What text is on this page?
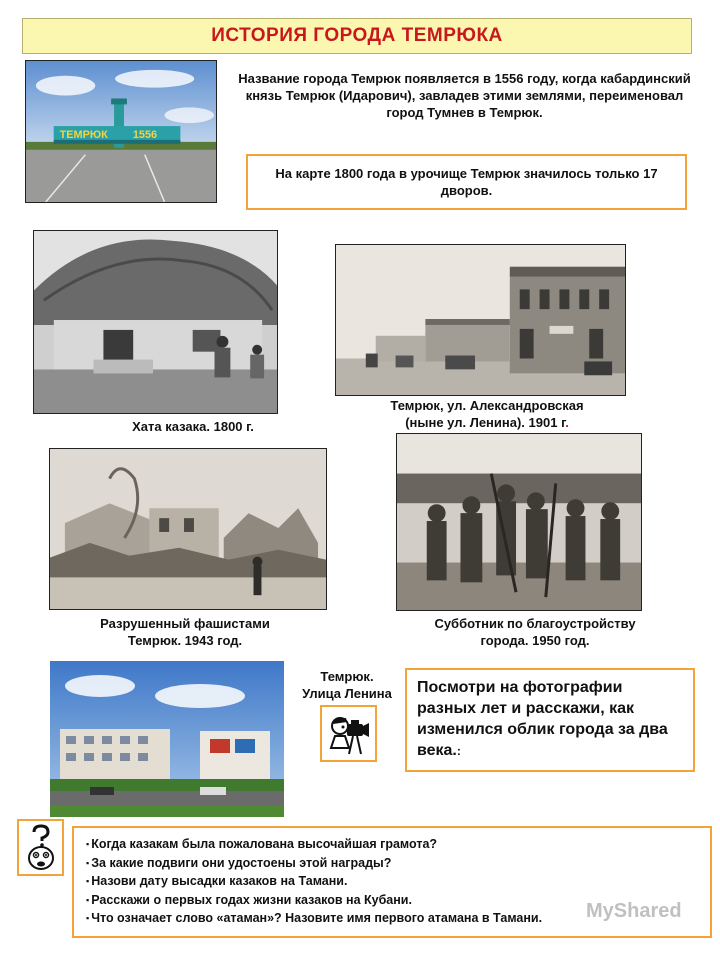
ИСТОРИЯ ГОРОДА ТЕМРЮКА
ТЕМРЮК 1556
Название города Темрюк появляется в 1556 году, когда кабардинский князь Темрюк (Идарович), завладев этими землями, переименовал город Тумнев в Темрюк.
На карте 1800 года в урочище Темрюк значилось только 17 дворов.
Хата казака. 1800 г.
Темрюк, ул. Александровская
(ныне ул. Ленина). 1901 г.
Разрушенный фашистами
Темрюк. 1943 год.
Субботник по благоустройству
города. 1950 год.
Темрюк.
Улица Ленина	Посмотри на фотографии разных лет и расскажи, как изменился облик города за два века.:
▪ Когда казакам была пожалована высочайшая грамота?
▪ За какие подвиги они удостоены этой награды?
▪ Назови дату высадки казаков на Тамани.
▪ Расскажи о первых годах жизни казаков на Кубани.
▪ Что означает слово «атаман»? Назовите имя первого атамана в Тамани.	MyShared
